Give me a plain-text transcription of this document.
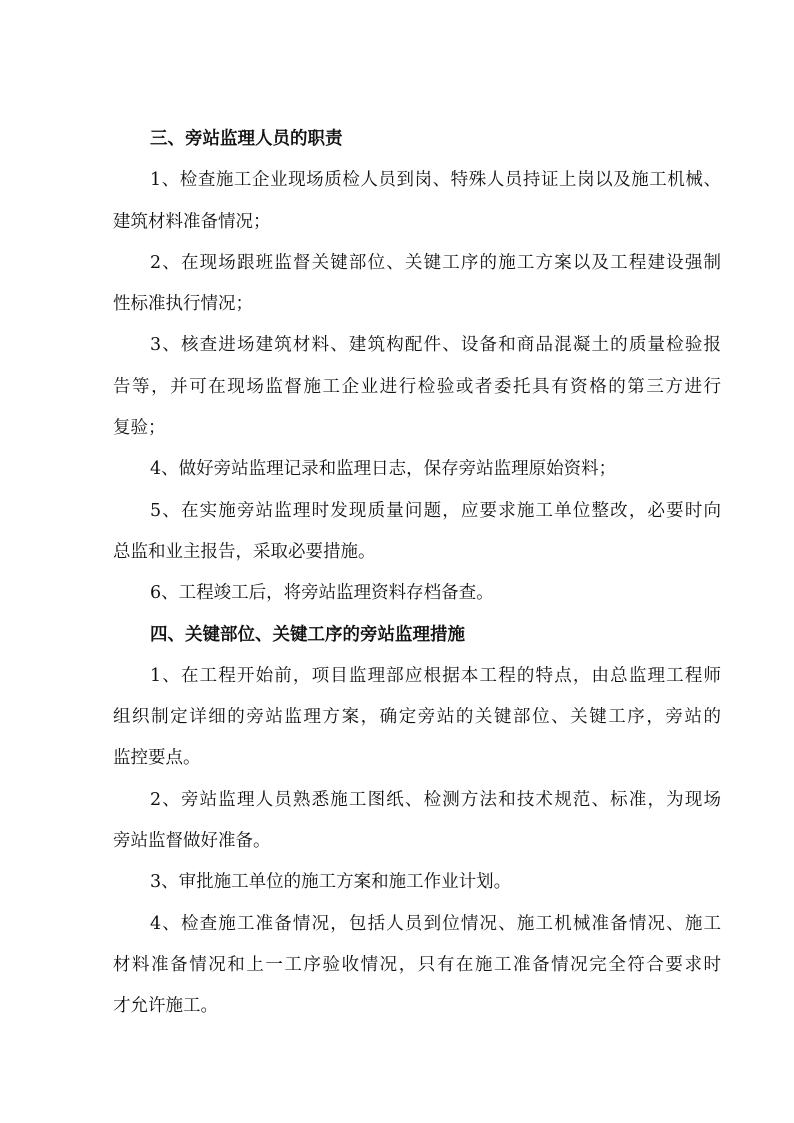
三、旁站监理人员的职责
1、检查施工企业现场质检人员到岗、特殊人员持证上岗以及施工机械、
建筑材料准备情况；
2、在现场跟班监督关键部位、关键工序的施工方案以及工程建设强制
性标准执行情况；
3、核查进场建筑材料、建筑构配件、设备和商品混凝土的质量检验报
告等，并可在现场监督施工企业进行检验或者委托具有资格的第三方进行
复验；
4、做好旁站监理记录和监理日志，保存旁站监理原始资料；
5、在实施旁站监理时发现质量问题，应要求施工单位整改，必要时向
总监和业主报告，采取必要措施。
6、工程竣工后，将旁站监理资料存档备查。
四、关键部位、关键工序的旁站监理措施
1、在工程开始前，项目监理部应根据本工程的特点，由总监理工程师
组织制定详细的旁站监理方案，确定旁站的关键部位、关键工序，旁站的
监控要点。
2、旁站监理人员熟悉施工图纸、检测方法和技术规范、标准，为现场
旁站监督做好准备。
3、审批施工单位的施工方案和施工作业计划。
4、检查施工准备情况，包括人员到位情况、施工机械准备情况、施工
材料准备情况和上一工序验收情况，只有在施工准备情况完全符合要求时
才允许施工。
